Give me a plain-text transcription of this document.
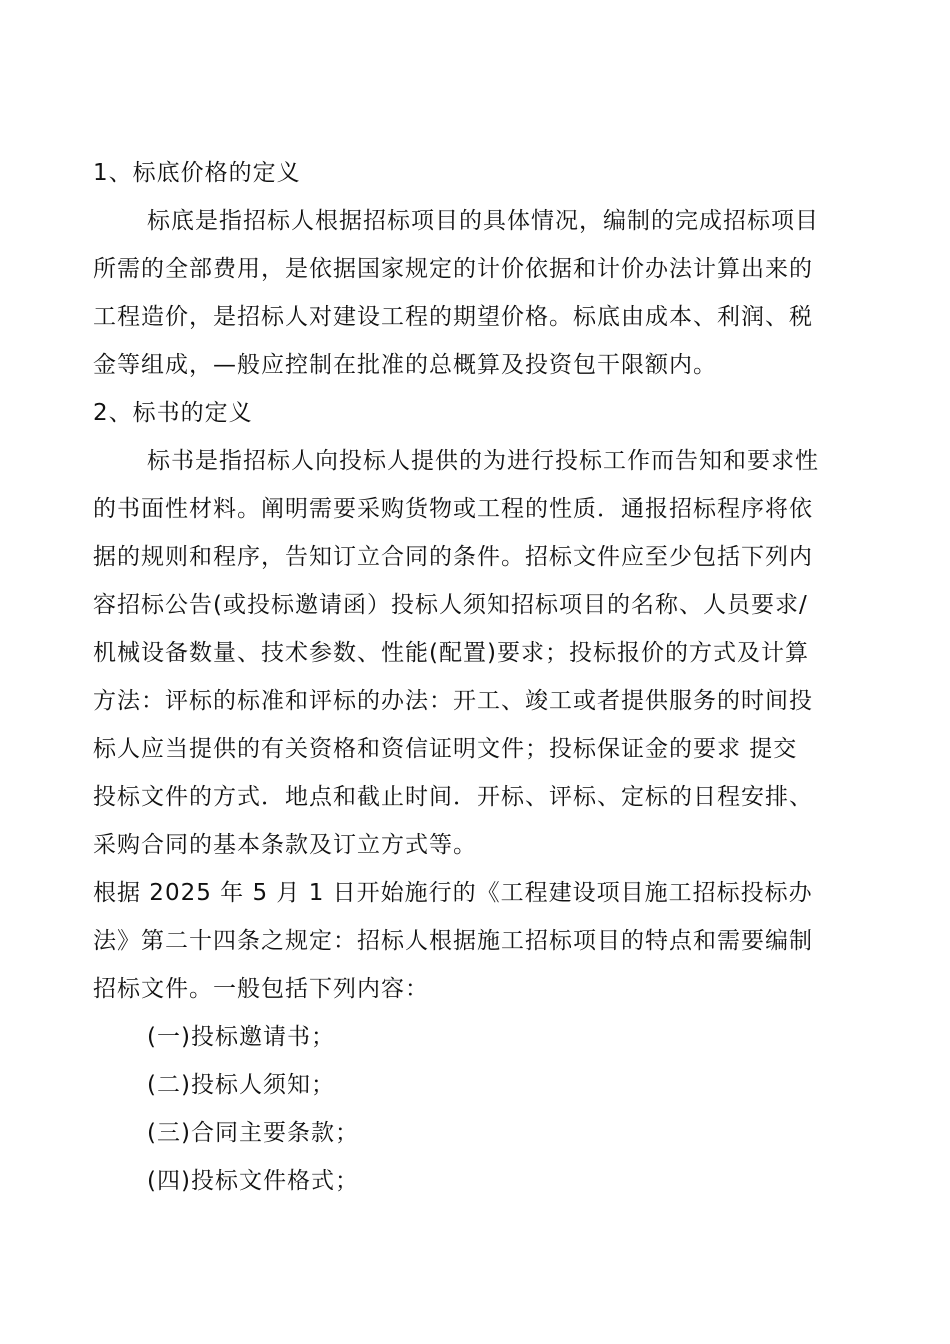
1、标底价格的定义
标底是指招标人根据招标项目的具体情况，编制的完成招标项目
所需的全部费用，是依据国家规定的计价依据和计价办法计算出来的
工程造价，是招标人对建设工程的期望价格。标底由成本、利润、税
金等组成，—般应控制在批准的总概算及投资包干限额内。
2、标书的定义
标书是指招标人向投标人提供的为进行投标工作而告知和要求性
的书面性材料。阐明需要采购货物或工程的性质．通报招标程序将依
据的规则和程序，告知订立合同的条件。招标文件应至少包括下列内
容招标公告(或投标邀请函）投标人须知招标项目的名称、人员要求/
机械设备数量、技术参数、性能(配置)要求；投标报价的方式及计算
方法：评标的标准和评标的办法：开工、竣工或者提供服务的时间投
标人应当提供的有关资格和资信证明文件；投标保证金的要求 提交
投标文件的方式．地点和截止时间．开标、评标、定标的日程安排、
采购合同的基本条款及订立方式等。
根据 2025 年 5 月 1 日开始施行的《工程建设项目施工招标投标办
法》第二十四条之规定：招标人根据施工招标项目的特点和需要编制
招标文件。一般包括下列内容：
(一)投标邀请书；
(二)投标人须知；
(三)合同主要条款；
(四)投标文件格式；
